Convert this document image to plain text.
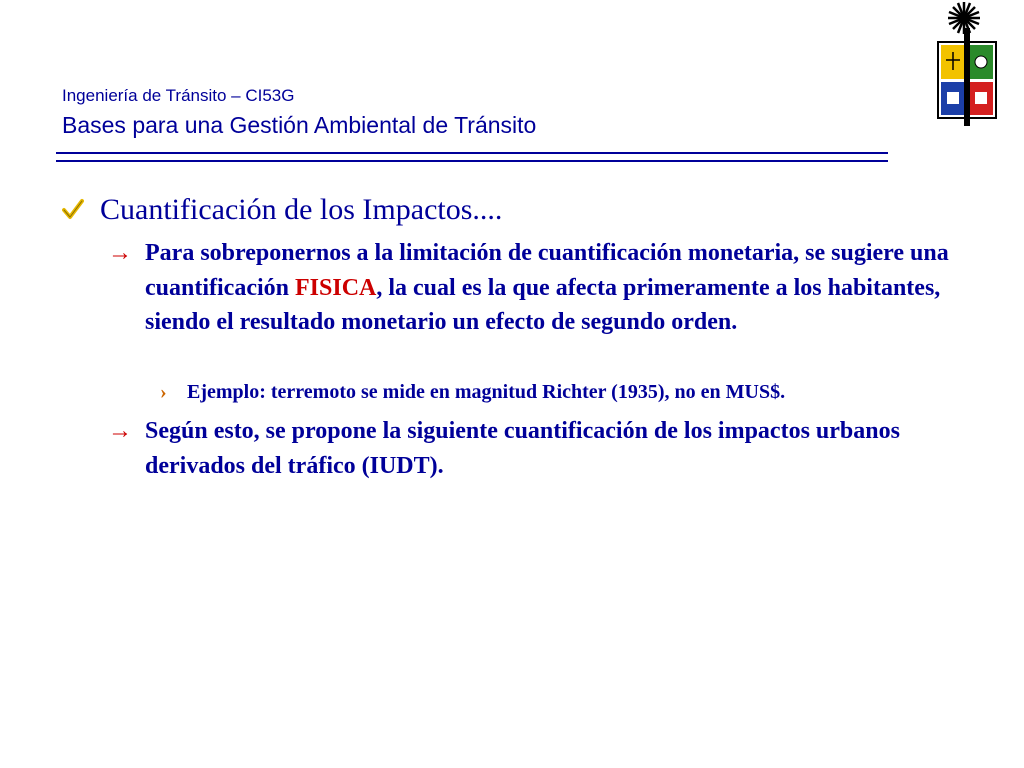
Ingeniería de Tránsito – CI53G
Bases para una Gestión Ambiental de Tránsito
Cuantificación de los Impactos....
→ Para sobreponernos a la limitación de cuantificación monetaria, se sugiere una cuantificación FISICA, la cual es la que afecta primeramente a los habitantes, siendo el resultado monetario un efecto de segundo orden.
› Ejemplo: terremoto se mide en magnitud Richter (1935), no en MUS$.
→ Según esto, se propone la siguiente cuantificación de los impactos urbanos derivados del tráfico (IUDT).
